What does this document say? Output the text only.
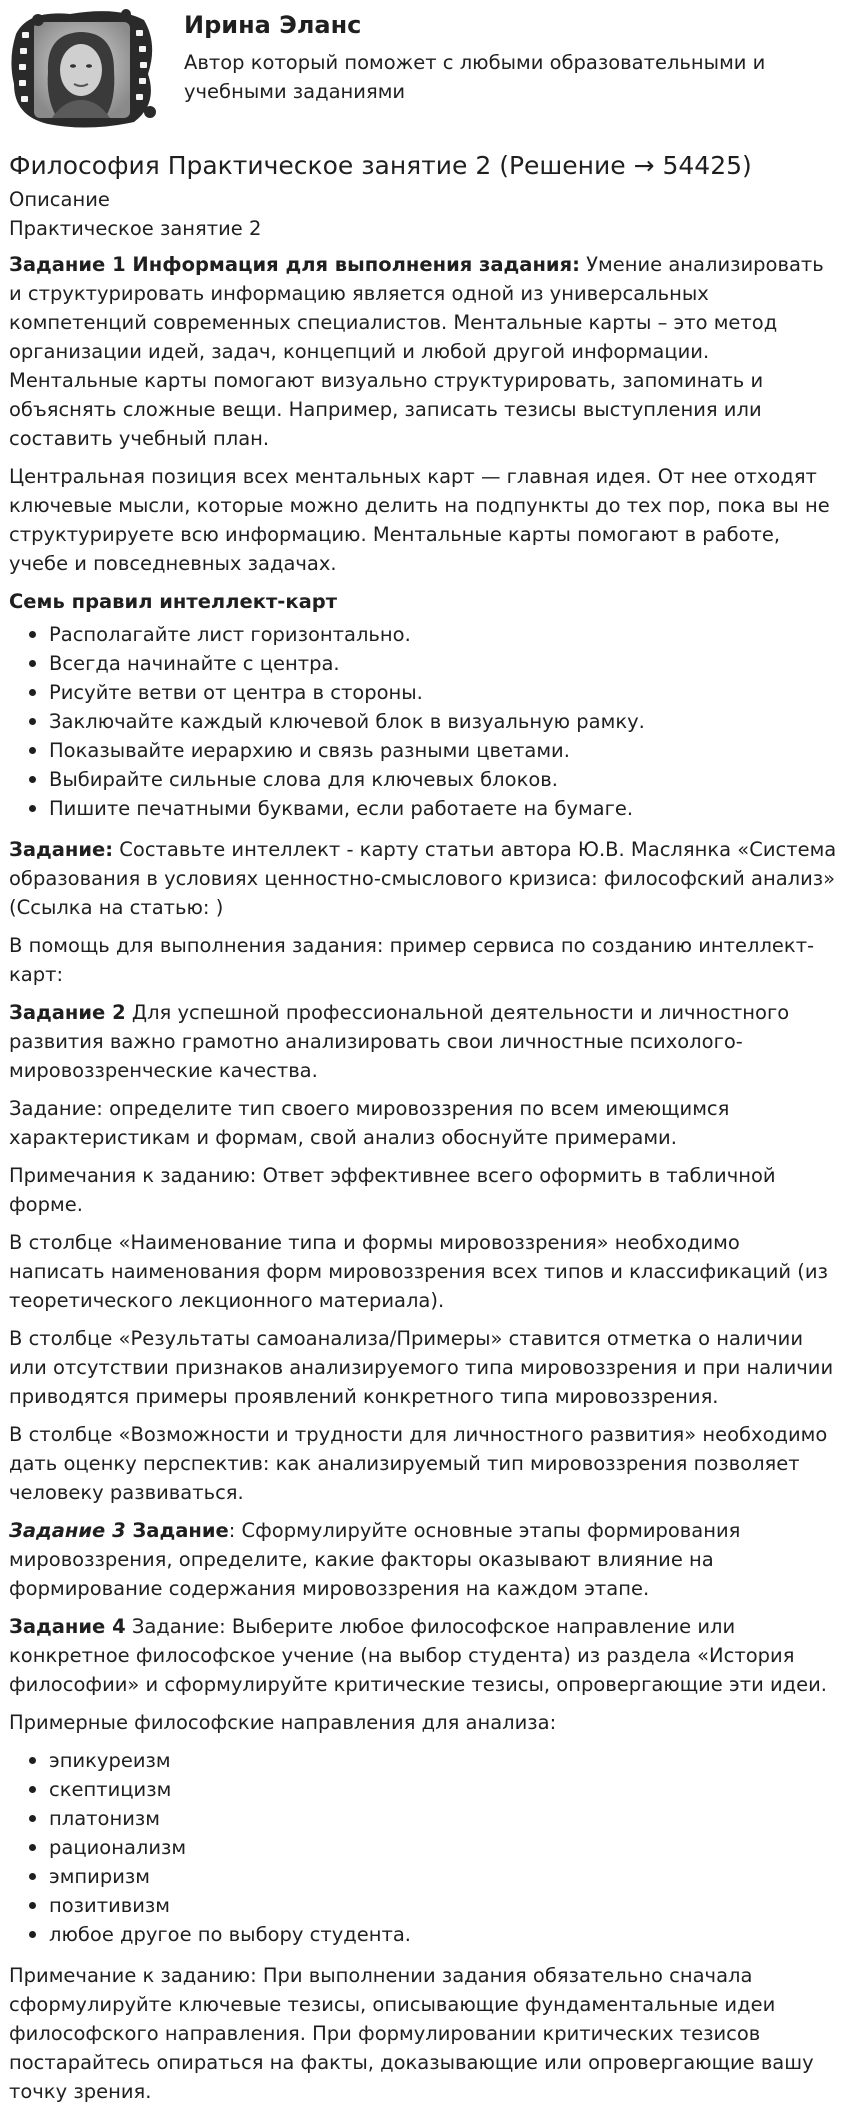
Ирина Эланс
Автор который поможет с любыми образовательными и учебными заданиями
Философия Практическое занятие 2 (Решение → 54425)
Описание
Практическое занятие 2

Задание 1 Информация для выполнения задания: Умение анализировать и структурировать информацию является одной из универсальных компетенций современных специалистов. Ментальные карты – это метод организации идей, задач, концепций и любой другой информации. Ментальные карты помогают визуально структурировать, запоминать и объяснять сложные вещи. Например, записать тезисы выступления или составить учебный план.

Центральная позиция всех ментальных карт — главная идея. От нее отходят ключевые мысли, которые можно делить на подпункты до тех пор, пока вы не структурируете всю информацию. Ментальные карты помогают в работе, учебе и повседневных задачах.

Семь правил интеллект-карт
Располагайте лист горизонтально.
Всегда начинайте с центра.
Рисуйте ветви от центра в стороны.
Заключайте каждый ключевой блок в визуальную рамку.
Показывайте иерархию и связь разными цветами.
Выбирайте сильные слова для ключевых блоков.
Пишите печатными буквами, если работаете на бумаге.

Задание: Составьте интеллект - карту статьи автора Ю.В. Маслянка «Система образования в условиях ценностно-смыслового кризиса: философский анализ» (Ссылка на статью: )

В помощь для выполнения задания: пример сервиса по созданию интеллект-карт:

Задание 2 Для успешной профессиональной деятельности и личностного развития важно грамотно анализировать свои личностные психолого-мировоззренческие качества.

Задание: определите тип своего мировоззрения по всем имеющимся характеристикам и формам, свой анализ обоснуйте примерами.

Примечания к заданию: Ответ эффективнее всего оформить в табличной форме.

В столбце «Наименование типа и формы мировоззрения» необходимо написать наименования форм мировоззрения всех типов и классификаций (из теоретического лекционного материала).

В столбце «Результаты самоанализа/Примеры» ставится отметка о наличии или отсутствии признаков анализируемого типа мировоззрения и при наличии приводятся примеры проявлений конкретного типа мировоззрения.

В столбце «Возможности и трудности для личностного развития» необходимо дать оценку перспектив: как анализируемый тип мировоззрения позволяет человеку развиваться.

Задание 3 Задание: Сформулируйте основные этапы формирования мировоззрения, определите, какие факторы оказывают влияние на формирование содержания мировоззрения на каждом этапе.

Задание 4 Задание: Выберите любое философское направление или конкретное философское учение (на выбор студента) из раздела «История философии» и сформулируйте критические тезисы, опровергающие эти идеи.

Примерные философские направления для анализа:

эпикуреизм
скептицизм
платонизм
рационализм
эмпиризм
позитивизм
любое другое по выбору студента.

Примечание к заданию: При выполнении задания обязательно сначала сформулируйте ключевые тезисы, описывающие фундаментальные идеи философского направления. При формулировании критических тезисов постарайтесь опираться на факты, доказывающие или опровергающие вашу точку зрения.
